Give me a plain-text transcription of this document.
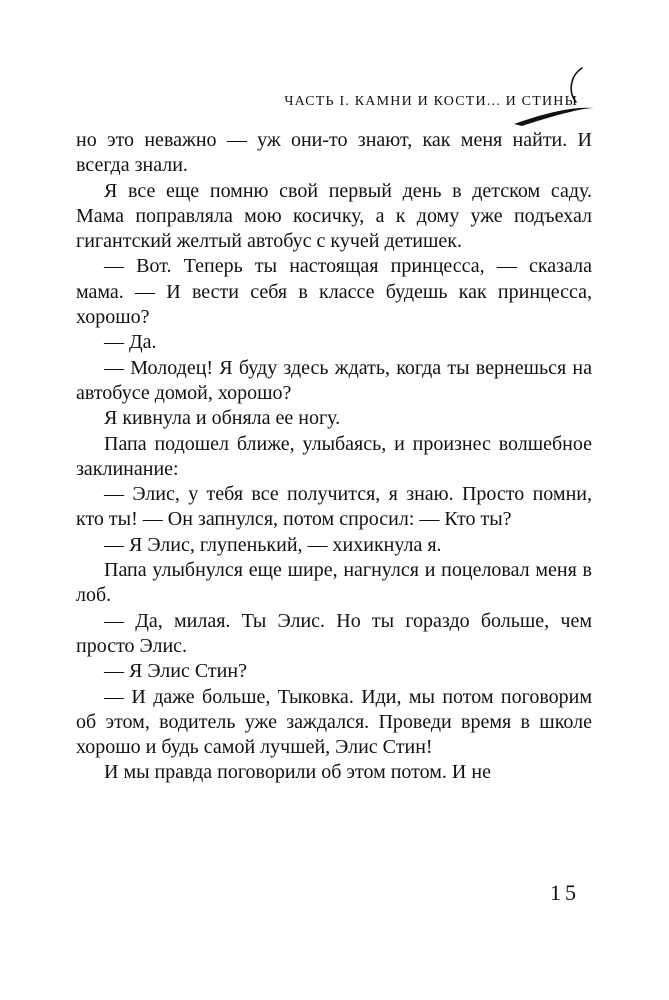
ЧАСТЬ I. КАМНИ И КОСТИ... И СТИНЫ

но это неважно — уж они-то знают, как меня найти. И всегда знали.

Я все еще помню свой первый день в детском саду. Мама поправляла мою косичку, а к дому уже подъехал гигантский желтый автобус с кучей детишек.

— Вот. Теперь ты настоящая принцесса, — сказала мама. — И вести себя в классе будешь как принцесса, хорошо?

— Да.

— Молодец! Я буду здесь ждать, когда ты вернешься на автобусе домой, хорошо?

Я кивнула и обняла ее ногу.

Папа подошел ближе, улыбаясь, и произнес волшебное заклинание:

— Элис, у тебя все получится, я знаю. Просто помни, кто ты! — Он запнулся, потом спросил: — Кто ты?

— Я Элис, глупенький, — хихикнула я.

Папа улыбнулся еще шире, нагнулся и поцеловал меня в лоб.

— Да, милая. Ты Элис. Но ты гораздо больше, чем просто Элис.

— Я Элис Стин?

— И даже больше, Тыковка. Иди, мы потом поговорим об этом, водитель уже заждался. Проведи время в школе хорошо и будь самой лучшей, Элис Стин!

И мы правда поговорили об этом потом. И не

15
